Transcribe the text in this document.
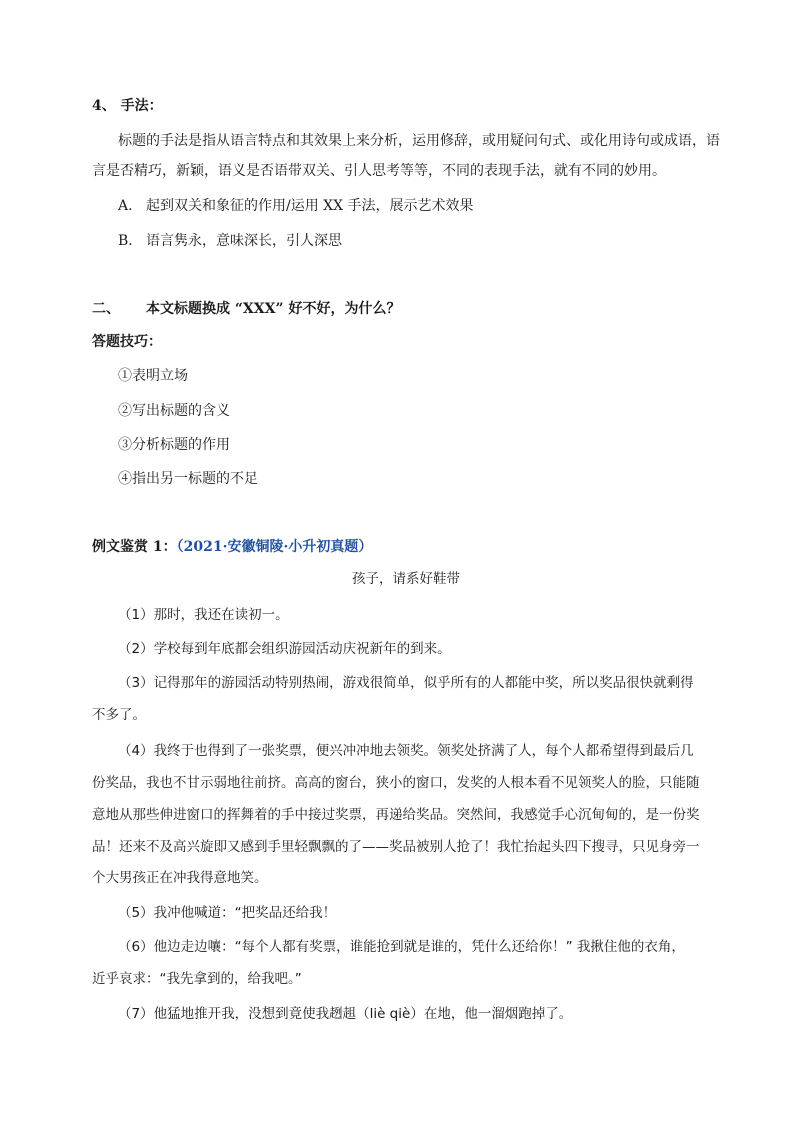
4、 手法：
标题的手法是指从语言特点和其效果上来分析，运用修辞，或用疑问句式、或化用诗句或成语，语
言是否精巧，新颖，语义是否语带双关、引人思考等等，不同的表现手法，就有不同的妙用。
A. 起到双关和象征的作用/运用 XX 手法，展示艺术效果
B. 语言隽永，意味深长，引人深思
二、 本文标题换成 “XXX” 好不好，为什么？
答题技巧：
①表明立场
②写出标题的含义
③分析标题的作用
④指出另一标题的不足
例文鉴赏 1：（2021·安徽铜陵·小升初真题）
孩子，请系好鞋带
（1）那时，我还在读初一。
（2）学校每到年底都会组织游园活动庆祝新年的到来。
（3）记得那年的游园活动特别热闹，游戏很简单，似乎所有的人都能中奖，所以奖品很快就剩得
不多了。
（4）我终于也得到了一张奖票，便兴冲冲地去领奖。领奖处挤满了人，每个人都希望得到最后几
份奖品，我也不甘示弱地往前挤。高高的窗台，狭小的窗口，发奖的人根本看不见领奖人的脸，只能随
意地从那些伸进窗口的挥舞着的手中接过奖票，再递给奖品。突然间，我感觉手心沉甸甸的，是一份奖
品！还来不及高兴旋即又感到手里轻飘飘的了——奖品被别人抢了！我忙抬起头四下搜寻，只见身旁一
个大男孩正在冲我得意地笑。
（5）我冲他喊道：“把奖品还给我！
（6）他边走边嚷：“每个人都有奖票，谁能抢到就是谁的，凭什么还给你！” 我揪住他的衣角，
近乎哀求：“我先拿到的，给我吧。”
（7）他猛地推开我，没想到竟使我趔趄（liè qiè）在地，他一溜烟跑掉了。
